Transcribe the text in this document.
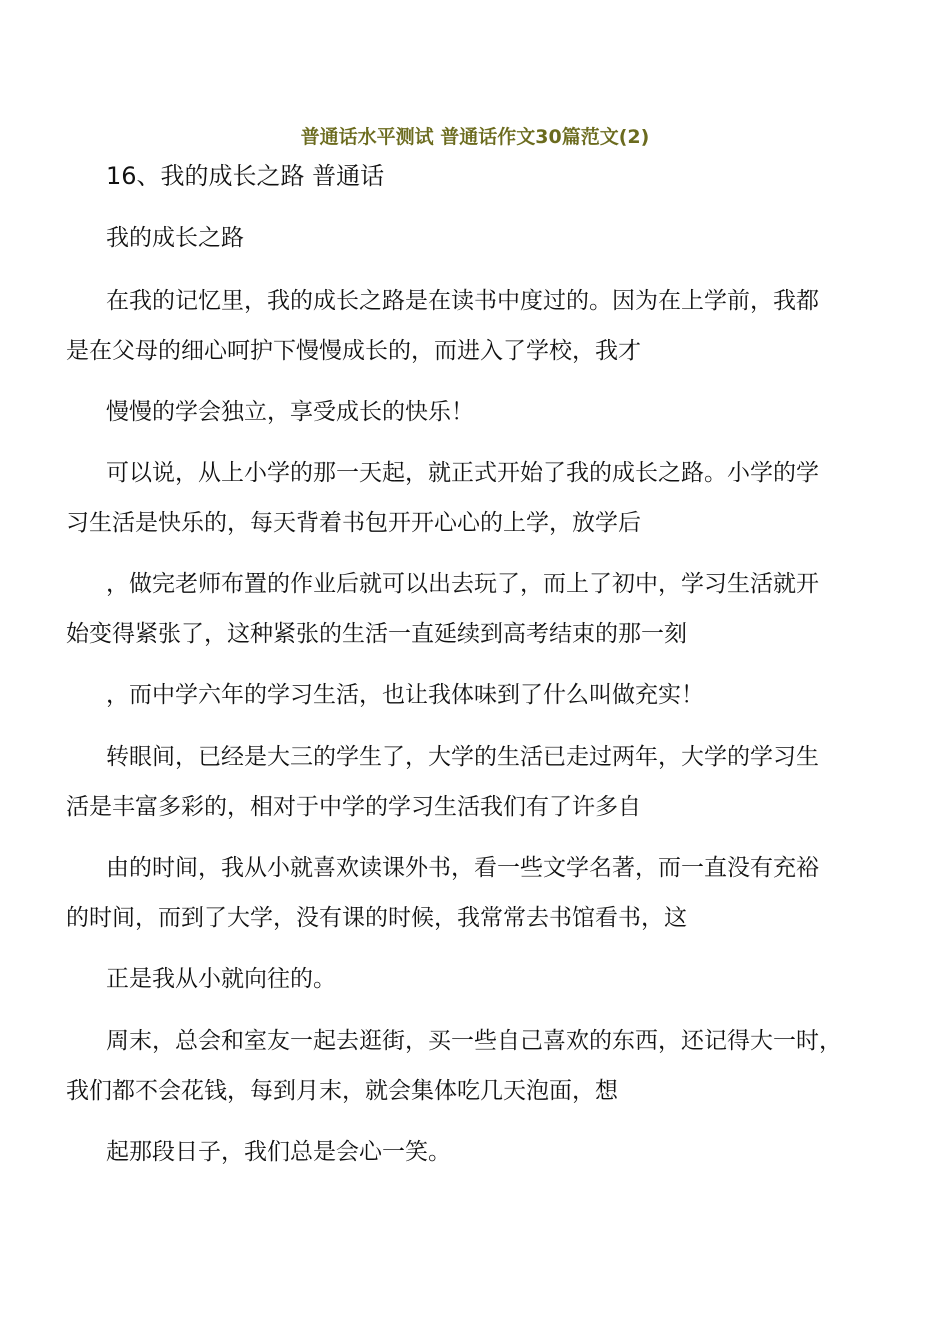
普通话水平测试 普通话作文30篇范文(2)
16、我的成长之路 普通话
我的成长之路
在我的记忆里，我的成长之路是在读书中度过的。因为在上学前，我都
是在父母的细心呵护下慢慢成长的，而进入了学校，我才
慢慢的学会独立，享受成长的快乐！
可以说，从上小学的那一天起，就正式开始了我的成长之路。小学的学
习生活是快乐的，每天背着书包开开心心的上学，放学后
，做完老师布置的作业后就可以出去玩了，而上了初中，学习生活就开
始变得紧张了，这种紧张的生活一直延续到高考结束的那一刻
，而中学六年的学习生活，也让我体味到了什么叫做充实！
转眼间，已经是大三的学生了，大学的生活已走过两年，大学的学习生
活是丰富多彩的，相对于中学的学习生活我们有了许多自
由的时间，我从小就喜欢读课外书，看一些文学名著，而一直没有充裕
的时间，而到了大学，没有课的时候，我常常去书馆看书，这
正是我从小就向往的。
周末，总会和室友一起去逛街，买一些自己喜欢的东西，还记得大一时，
我们都不会花钱，每到月末，就会集体吃几天泡面，想
起那段日子，我们总是会心一笑。
